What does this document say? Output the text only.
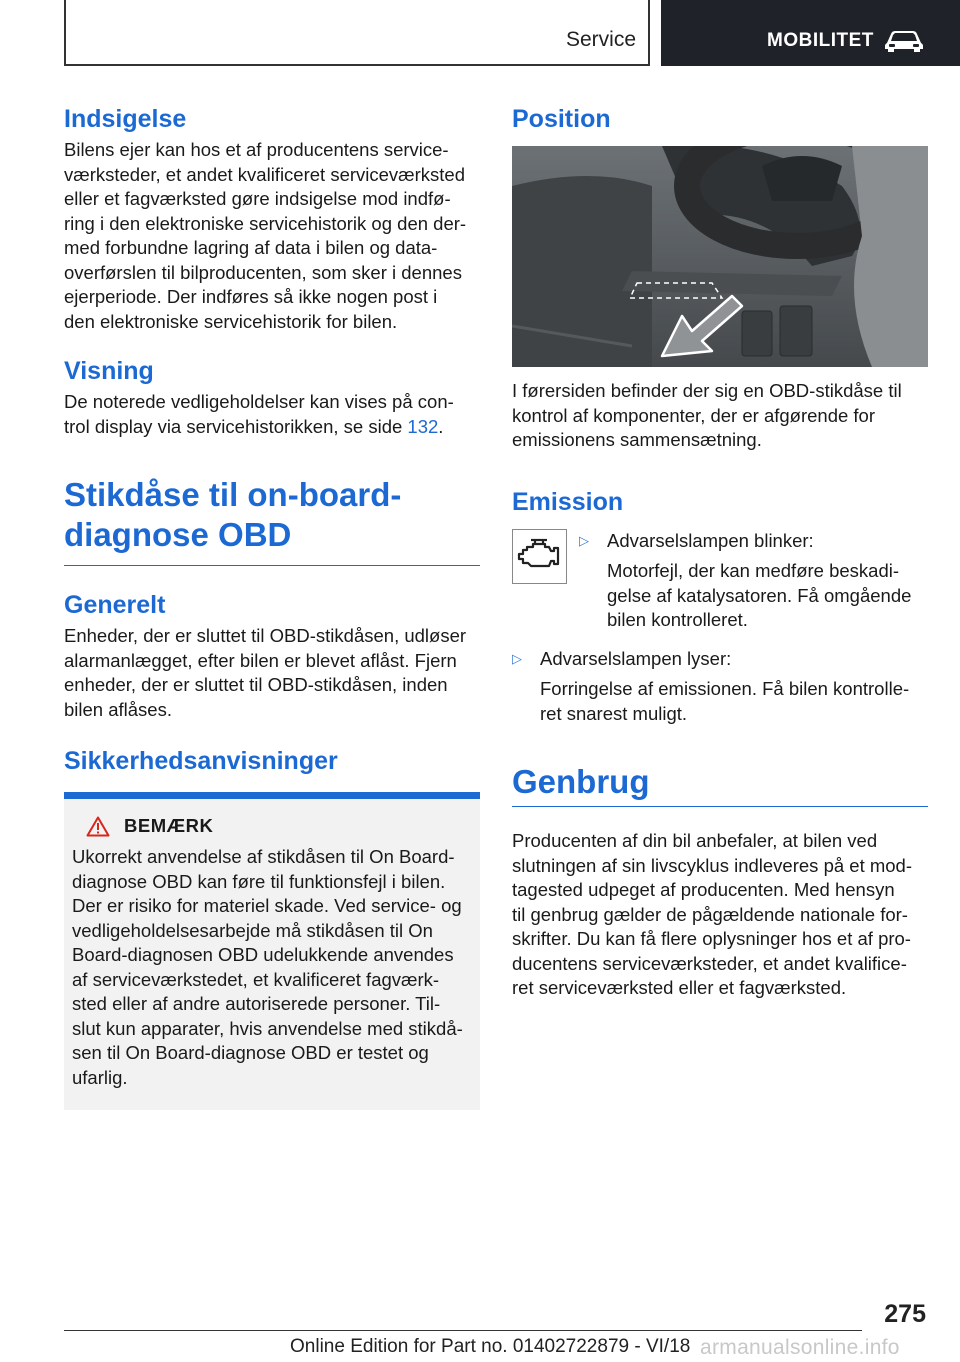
Service	MOBILITET
Indsigelse

Bilens ejer kan hos et af producentens service-
værksteder, et andet kvalificeret serviceværksted
eller et fagværksted gøre indsigelse mod indfø-
ring i den elektroniske servicehistorik og den der-
med forbundne lagring af data i bilen og data-
overførslen til bilproducenten, som sker i dennes
ejerperiode. Der indføres så ikke nogen post i
den elektroniske servicehistorik for bilen.

Visning

De noterede vedligeholdelser kan vises på con-
trol display via servicehistorikken, se side 132.

Stikdåse til on-board-
diagnose OBD
Generelt

Enheder, der er sluttet til OBD-stikdåsen, udløser
alarmanlægget, efter bilen er blevet aflåst. Fjern
enheder, der er sluttet til OBD-stikdåsen, inden
bilen aflåses.

Sikkerhedsanvisninger
BEMÆRK

Ukorrekt anvendelse af stikdåsen til On Board-
diagnose OBD kan føre til funktionsfejl i bilen.
Der er risiko for materiel skade. Ved service- og
vedligeholdelsesarbejde må stikdåsen til On
Board-diagnosen OBD udelukkende anvendes
af serviceværkstedet, et kvalificeret fagværk-
sted eller af andre autoriserede personer. Til-
slut kun apparater, hvis anvendelse med stikdå-
sen til On Board-diagnose OBD er testet og
ufarlig.

Position

I førersiden befinder der sig en OBD-stikdåse til
kontrol af komponenter, der er afgørende for
emissionens sammensætning.

Emission
▷ Advarselslampen blinker:

Motorfejl, der kan medføre beskadi-
gelse af katalysatoren. Få omgående
bilen kontrolleret.

▷ Advarselslampen lyser:

Forringelse af emissionen. Få bilen kontrolle-
ret snarest muligt.

Genbrug

Producenten af din bil anbefaler, at bilen ved
slutningen af sin livscyklus indleveres på et mod-
tagested udpeget af producenten. Med hensyn
til genbrug gælder de pågældende nationale for-
skrifter. Du kan få flere oplysninger hos et af pro-
ducentens serviceværksteder, et andet kvalifice-
ret serviceværksted eller et fagværksted.

275
Online Edition for Part no. 01402722879 - VI/18 armanualsonline.info
